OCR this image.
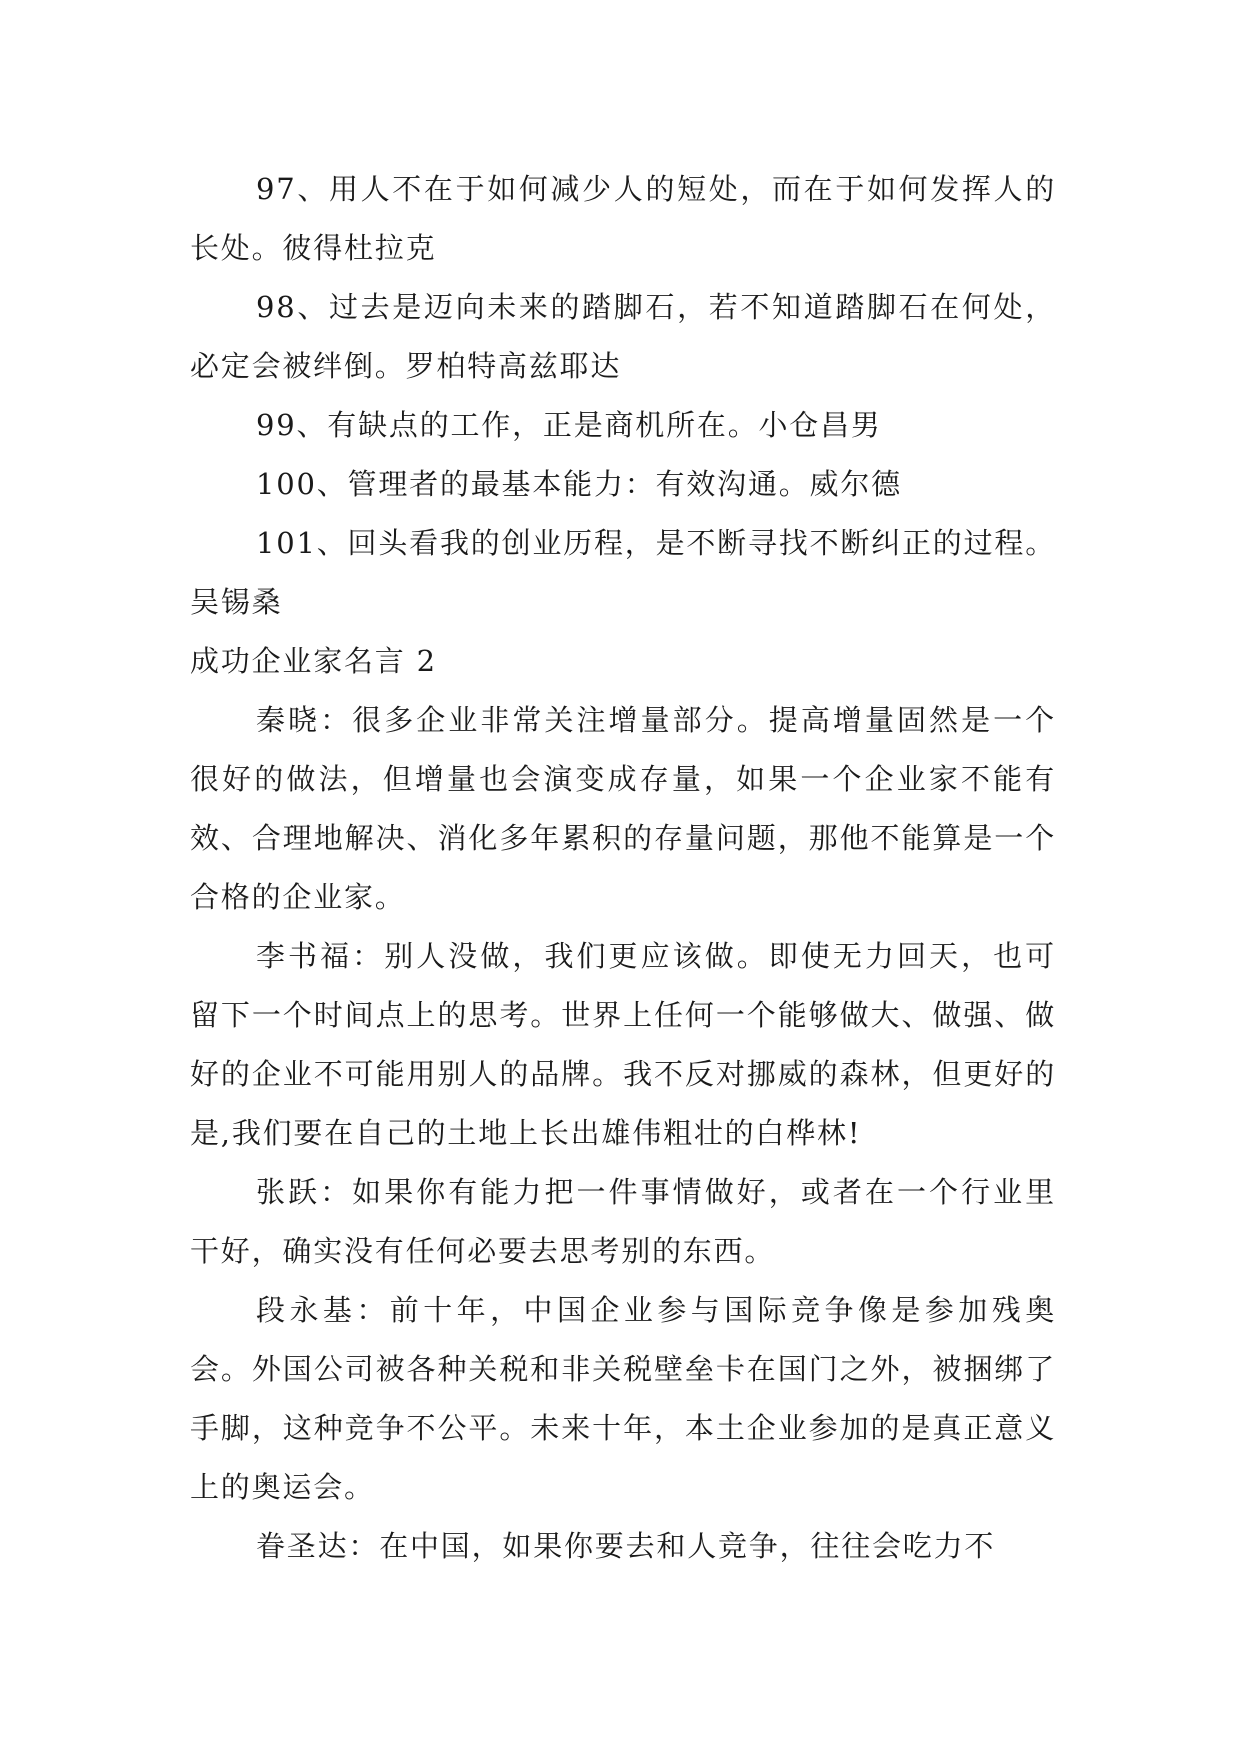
97、用人不在于如何减少人的短处，而在于如何发挥人的长处。彼得杜拉克

98、过去是迈向未来的踏脚石，若不知道踏脚石在何处，必定会被绊倒。罗柏特高兹耶达

99、有缺点的工作，正是商机所在。小仓昌男

100、管理者的最基本能力：有效沟通。威尔德

101、回头看我的创业历程，是不断寻找不断纠正的过程。吴锡桑

成功企业家名言 2

秦晓：很多企业非常关注增量部分。提高增量固然是一个很好的做法，但增量也会演变成存量，如果一个企业家不能有效、合理地解决、消化多年累积的存量问题，那他不能算是一个合格的企业家。

李书福：别人没做，我们更应该做。即使无力回天，也可留下一个时间点上的思考。世界上任何一个能够做大、做强、做好的企业不可能用别人的品牌。我不反对挪威的森林，但更好的是,我们要在自己的土地上长出雄伟粗壮的白桦林!

张跃：如果你有能力把一件事情做好，或者在一个行业里干好，确实没有任何必要去思考别的东西。

段永基：前十年，中国企业参与国际竞争像是参加残奥会。外国公司被各种关税和非关税壁垒卡在国门之外，被捆绑了手脚，这种竞争不公平。未来十年，本土企业参加的是真正意义上的奥运会。

眷圣达：在中国，如果你要去和人竞争，往往会吃力不
